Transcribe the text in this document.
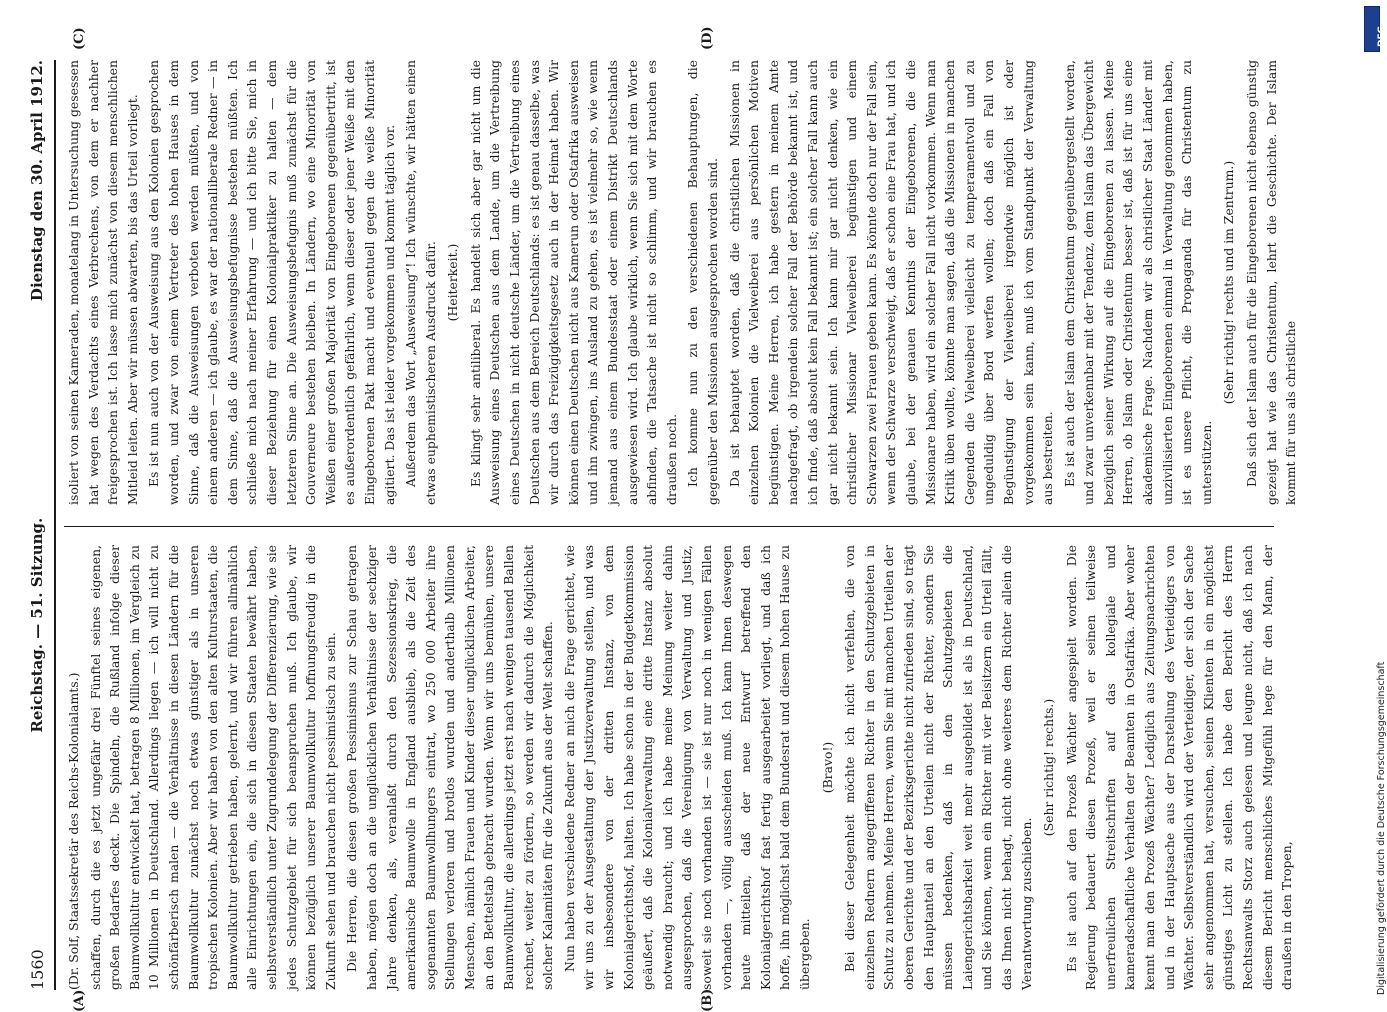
1560
Reichstag. — 51. Sitzung.
Dienstag den 30. April 1912.
(A)	(B)
(C)	(D)

(Dr. Solf, Staatssekretär des Reichs-Kolonialamts.) schaffen, durch die es jetzt ungefähr drei Fünftel seines eigenen, großen Bedarfes deckt. Die Spindeln, die Rußland infolge dieser Baumwollkultur entwickelt hat, betragen 8 Millionen, im Vergleich zu 10 Millionen in Deutschland. Allerdings liegen — ich will nicht zu schönfärberisch malen — die Verhältnisse in diesen Ländern für die Baumwollkultur zunächst noch etwas günstiger als in unseren tropischen Kolonien. Aber wir haben von den alten Kulturstaaten, die Baumwollkultur getrieben haben, gelernt, und wir führen allmählich alle Einrichtungen ein, die sich in diesen Staaten bewährt haben, selbstverständlich unter Zugrundelegung der Differenzierung, wie sie jedes Schutzgebiet für sich beanspruchen muß. Ich glaube, wir können bezüglich unserer Baumwollkultur hoffnungsfreudig in die Zukunft sehen und brauchen nicht pessimistisch zu sein. Die Herren, die diesen großen Pessimismus zur Schau getragen haben, mögen doch an die unglücklichen Verhältnisse der sechziger Jahre denken, als, veranlaßt durch den Sezessionskrieg, die amerikanische Baumwolle in England ausblieb, als die Zeit des sogenannten Baumwollhungers eintrat, wo 250 000 Arbeiter ihre Stellungen verloren und brotlos wurden und anderthalb Millionen Menschen, nämlich Frauen und Kinder dieser unglücklichen Arbeiter, an den Bettelstab gebracht wurden. Wenn wir uns bemühen, unsere Baumwollkultur, die allerdings jetzt erst nach wenigen tausend Ballen rechnet, weiter zu fördern, so werden wir dadurch die Möglichkeit solcher Kalamitäten für die Zukunft aus der Welt schaffen. Nun haben verschiedene Redner an mich die Frage gerichtet, wie wir uns zu der Ausgestaltung der Justizverwaltung stellen, und was wir insbesondere von der dritten Instanz, von dem Kolonialgerichtshof, halten. Ich habe schon in der Budgetkommission geäußert, daß die Kolonialverwaltung eine dritte Instanz absolut notwendig braucht; und ich habe meine Meinung weiter dahin ausgesprochen, daß die Vereinigung von Verwaltung und Justiz, soweit sie noch vorhanden ist — sie ist nur noch in wenigen Fällen vorhanden —, völlig ausscheiden muß. Ich kann Ihnen deswegen heute mitteilen, daß der neue Entwurf betreffend den Kolonialgerichtshof fast fertig ausgearbeitet vorliegt, und daß ich hoffe, ihn möglichst bald dem Bundesrat und diesem hohen Hause zu übergeben.

(Bravo!) Bei dieser Gelegenheit möchte ich nicht verfehlen, die von einzelnen Rednern angegriffenen Richter in den Schutzgebieten in Schutz zu nehmen. Meine Herren, wenn Sie mit manchen Urteilen der oberen Gerichte und der Bezirksgerichte nicht zufrieden sind, so trägt den Hauptanteil an den Urteilen nicht der Richter, sondern Sie müssen bedenken, daß in den Schutzgebieten die Laiengerichtsbarkeit weit mehr ausgebildet ist als in Deutschland, und Sie können, wenn ein Richter mit vier Beisitzern ein Urteil fällt, das Ihnen nicht behagt, nicht ohne weiteres dem Richter allein die Verantwortung zuschieben.

(Sehr richtig! rechts.) Es ist auch auf den Prozeß Wächter angespielt worden. Die Regierung bedauert diesen Prozeß, weil er seinen teilweise unerfreulichen Streitschriften auf das kollegiale und kameradschaftliche Verhalten der Beamten in Ostafrika. Aber woher kennt man den Prozeß Wächter? Lediglich aus Zeitungsnachrichten und in der Hauptsache aus der Darstellung des Verteidigers von Wächter. Selbstverständlich wird der Verteidiger, der sich der Sache sehr angenommen hat, versuchen, seinen Klienten in ein möglichst günstiges Licht zu stellen. Ich habe den Bericht des Herrn Rechtsanwalts Storz auch gelesen und leugne nicht, daß ich nach diesem Bericht menschliches Mitgefühl hege für den Mann, der draußen in den Tropen,

isoliert von seinen Kameraden, monatelang in Untersuchung gesessen hat wegen des Verdachts eines Verbrechens, von dem er nachher freigesprochen ist. Ich lasse mich zunächst von diesem menschlichen Mitleid leiten. Aber wir müssen abwarten, bis das Urteil vorliegt. Es ist nun auch von der Ausweisung aus den Kolonien gesprochen worden, und zwar von einem Vertreter des hohen Hauses in dem Sinne, daß die Ausweisungen verboten werden müßten, und von einem anderen — ich glaube, es war der nationalliberale Redner — in dem Sinne, daß die Ausweisungsbefugnisse bestehen müßten. Ich schließe mich nach meiner Erfahrung — und ich bitte Sie, mich in dieser Beziehung für einen Kolonialpraktiker zu halten — dem letzteren Sinne an. Die Ausweisungsbefugnis muß zunächst für die Gouverneure bestehen bleiben. In Ländern, wo eine Minorität von Weißen einer großen Majorität von Eingeborenen gegenübertritt, ist es außerordentlich gefährlich, wenn dieser oder jener Weiße mit den Eingeborenen Pakt macht und eventuell gegen die weiße Minorität agitiert. Das ist leider vorgekommen und kommt täglich vor. Außerdem das Wort „Ausweisung“! Ich wünschte, wir hätten einen etwas euphemistischeren Ausdruck dafür. (Heiterkeit.) Es klingt sehr antiliberal. Es handelt sich aber gar nicht um die Ausweisung eines Deutschen aus dem Lande, um die Vertreibung eines Deutschen in nicht deutsche Länder, um die Vertreibung eines Deutschen aus dem Bereich Deutschlands: es ist genau dasselbe, was wir durch das Freizügigkeitsgesetz auch in der Heimat haben. Wir können einen Deutschen nicht aus Kamerun oder Ostafrika ausweisen und ihn zwingen, ins Ausland zu gehen, es ist vielmehr so, wie wenn jemand aus einem Bundesstaat oder einem Distrikt Deutschlands ausgewiesen wird. Ich glaube wirklich, wenn Sie sich mit dem Worte abfinden, die Tatsache ist nicht so schlimm, und wir brauchen es draußen noch. Ich komme nun zu den verschiedenen Behauptungen, die gegenüber den Missionen ausgesprochen worden sind. Da ist behauptet worden, daß die christlichen Missionen in einzelnen Kolonien die Vielweiberei aus persönlichen Motiven begünstigen. Meine Herren, ich habe gestern in meinem Amte nachgefragt, ob irgendein solcher Fall der Behörde bekannt ist, und ich finde, daß absolut kein Fall bekannt ist; ein solcher Fall kann auch gar nicht bekannt sein. Ich kann mir gar nicht denken, wie ein christlicher Missionar Vielweiberei begünstigen und einem Schwarzen zwei Frauen geben kann. Es könnte doch nur der Fall sein, wenn der Schwarze verschweigt, daß er schon eine Frau hat, und ich glaube, bei der genauen Kenntnis der Eingeborenen, die die Missionare haben, wird ein solcher Fall nicht vorkommen. Wenn man Kritik üben wollte, könnte man sagen, daß die Missionen in manchen Gegenden die Vielweiberei vielleicht zu temperamentvoll und zu ungeduldig über Bord werfen wollen; doch daß ein Fall von Begünstigung der Vielweiberei irgendwie möglich ist oder vorgekommen sein kann, muß ich vom Standpunkt der Verwaltung aus bestreiten. Es ist auch der Islam dem Christentum gegenübergestellt worden, und zwar unverkennbar mit der Tendenz, dem Islam das Übergewicht bezüglich seiner Wirkung auf die Eingeborenen zu lassen. Meine Herren, ob Islam oder Christentum besser ist, daß ist für uns eine akademische Frage. Nachdem wir als christlicher Staat Länder mit unzivilisierten Eingeborenen einmal in Verwaltung genommen haben, ist es unsere Pflicht, die Propaganda für das Christentum zu unterstützen.

(Sehr richtig! rechts und im Zentrum.) Daß sich der Islam auch für die Eingeborenen nicht ebenso günstig gezeigt hat wie das Christentum, lehrt die Geschichte. Der Islam kommt für uns als christliche

DFG
Digitalisierung gefördert durch die Deutsche Forschungsgemeinschaft
